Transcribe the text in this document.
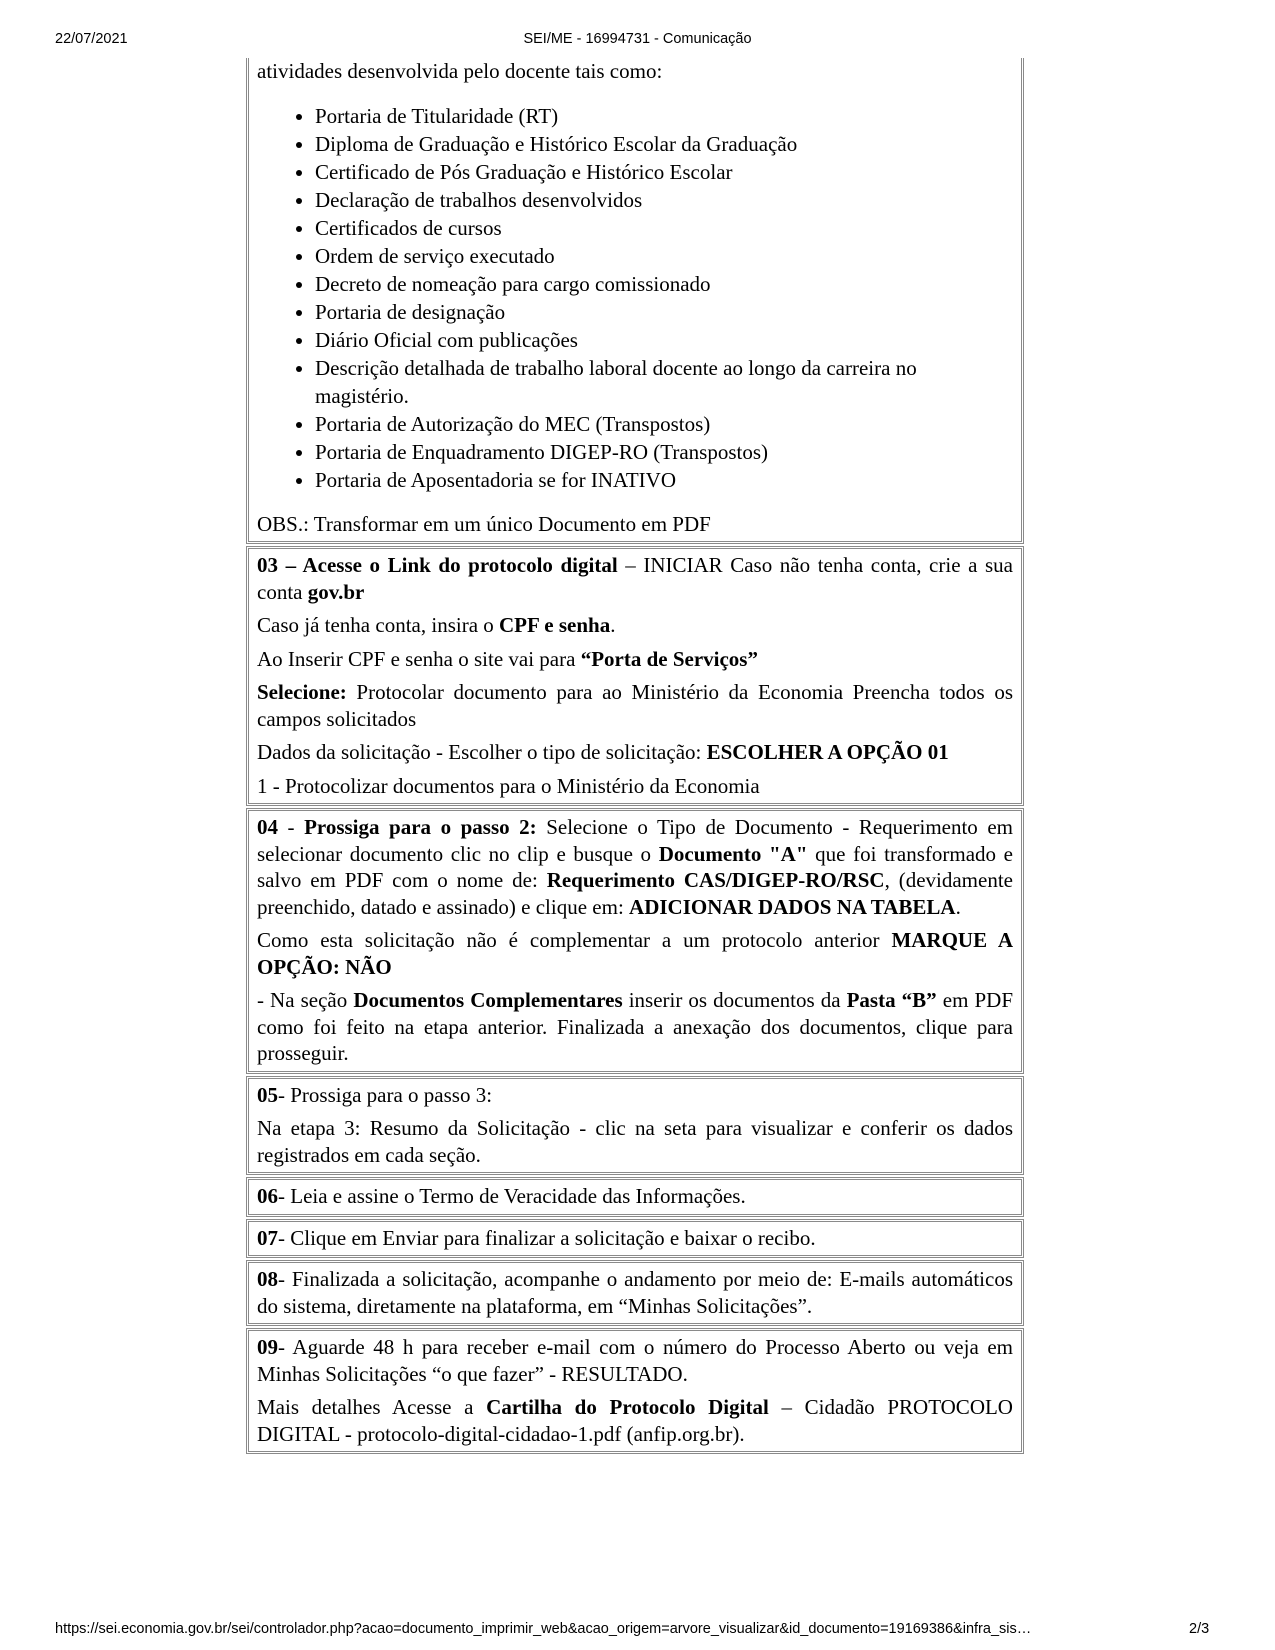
22/07/2021	SEI/ME - 16994731 - Comunicação

atividades desenvolvida pelo docente tais como:

• Portaria de Titularidade (RT)
• Diploma de Graduação e Histórico Escolar da Graduação
• Certificado de Pós Graduação e Histórico Escolar
• Declaração de trabalhos desenvolvidos
• Certificados de cursos
• Ordem de serviço executado
• Decreto de nomeação para cargo comissionado
• Portaria de designação
• Diário Oficial com publicações
• Descrição detalhada de trabalho laboral docente ao longo da carreira no magistério.
• Portaria de Autorização do MEC (Transpostos)
• Portaria de Enquadramento DIGEP-RO (Transpostos)
• Portaria de Aposentadoria se for INATIVO

OBS.: Transformar em um único Documento em PDF

03 – Acesse o Link do protocolo digital – INICIAR Caso não tenha conta, crie a sua conta gov.br

Caso já tenha conta, insira o CPF e senha.

Ao Inserir CPF e senha o site vai para “Porta de Serviços”

Selecione: Protocolar documento para ao Ministério da Economia Preencha todos os campos solicitados

Dados da solicitação - Escolher o tipo de solicitação: ESCOLHER A OPÇÃO 01

1 - Protocolizar documentos para o Ministério da Economia

04 - Prossiga para o passo 2: Selecione o Tipo de Documento - Requerimento em selecionar documento clic no clip e busque o Documento "A" que foi transformado e salvo em PDF com o nome de: Requerimento CAS/DIGEP-RO/RSC, (devidamente preenchido, datado e assinado) e clique em: ADICIONAR DADOS NA TABELA.

Como esta solicitação não é complementar a um protocolo anterior MARQUE A OPÇÃO: NÃO

- Na seção Documentos Complementares inserir os documentos da Pasta “B” em PDF como foi feito na etapa anterior. Finalizada a anexação dos documentos, clique para prosseguir.

05- Prossiga para o passo 3:

Na etapa 3: Resumo da Solicitação - clic na seta para visualizar e conferir os dados registrados em cada seção.

06- Leia e assine o Termo de Veracidade das Informações.

07- Clique em Enviar para finalizar a solicitação e baixar o recibo.

08- Finalizada a solicitação, acompanhe o andamento por meio de: E-mails automáticos do sistema, diretamente na plataforma, em “Minhas Solicitações”.

09- Aguarde 48 h para receber e-mail com o número do Processo Aberto ou veja em Minhas Solicitações “o que fazer” - RESULTADO.

Mais detalhes Acesse a Cartilha do Protocolo Digital – Cidadão PROTOCOLO DIGITAL - protocolo-digital-cidadao-1.pdf (anfip.org.br).

https://sei.economia.gov.br/sei/controlador.php?acao=documento_imprimir_web&acao_origem=arvore_visualizar&id_documento=19169386&infra_sis…	2/3
